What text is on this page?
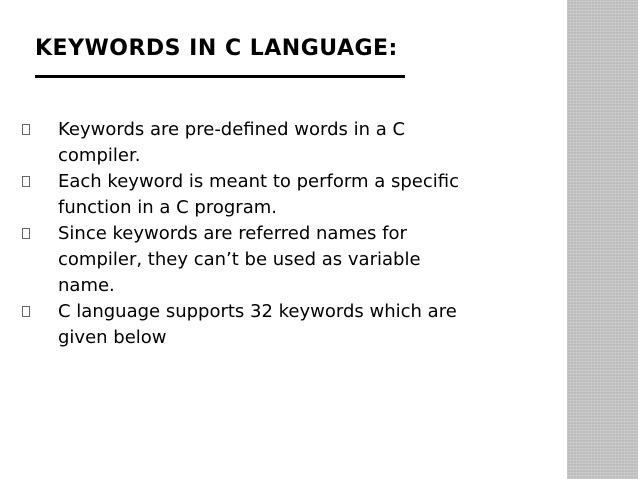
KEYWORDS IN C LANGUAGE:
Keywords are pre-defined words in a C
compiler.
Each keyword is meant to perform a specific
function in a C program.
Since keywords are referred names for
compiler, they can’t be used as variable
name.
C language supports 32 keywords which are
given below
